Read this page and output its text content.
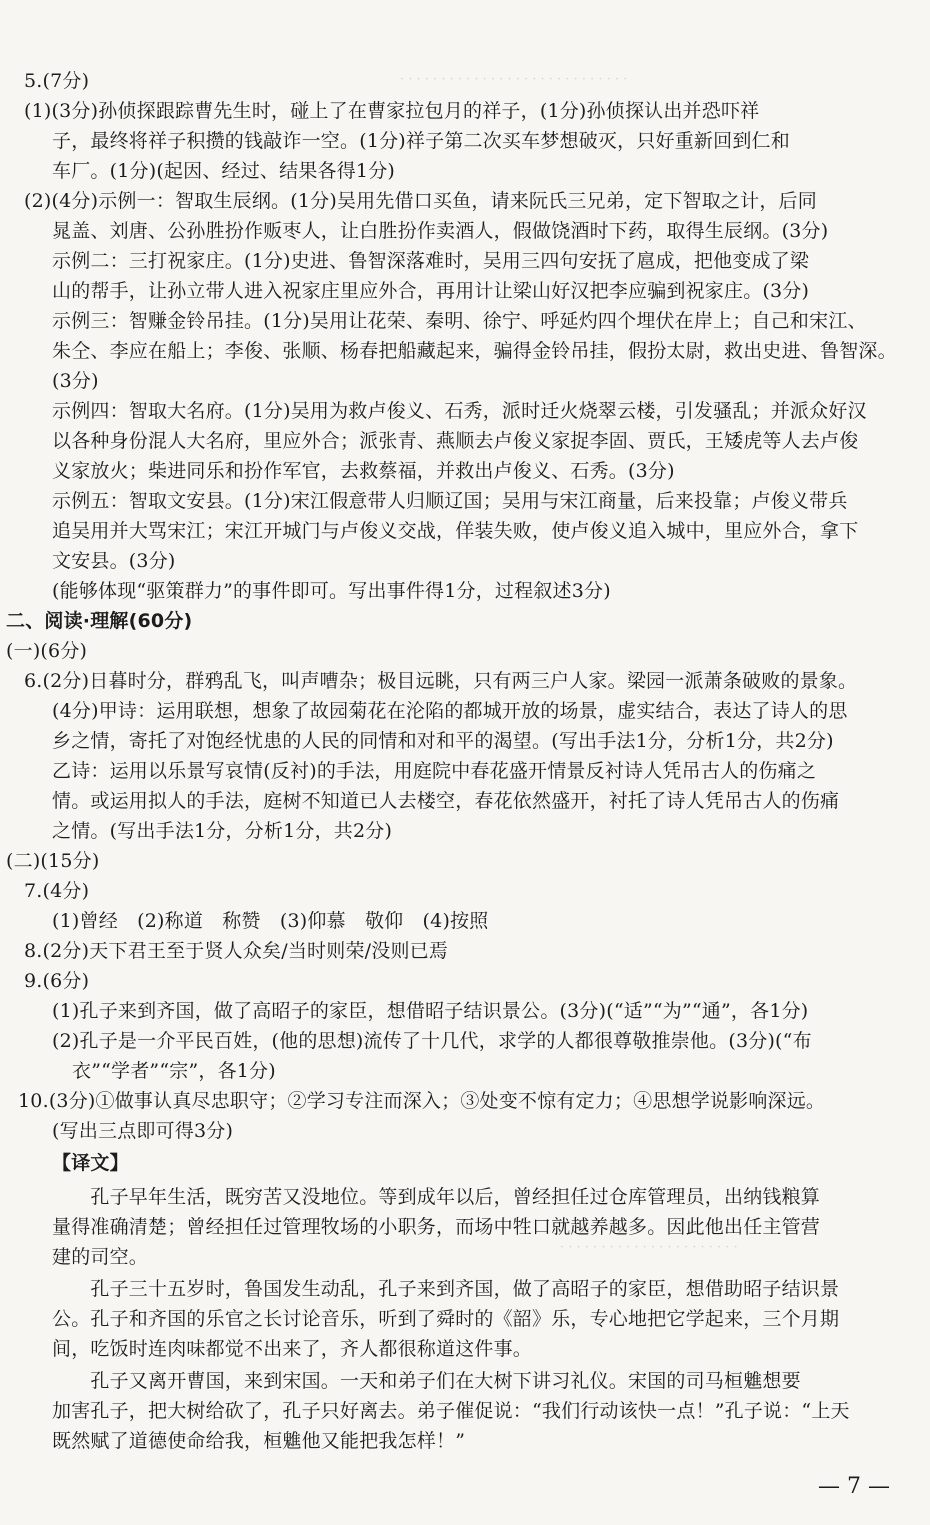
· · · · · · · · · · · · · · · · · · · · · · · · · · · ·
· · · · · · · · · · · · · · · · · · · · · ·
5.(7分)
(1)(3分)孙侦探跟踪曹先生时，碰上了在曹家拉包月的祥子，(1分)孙侦探认出并恐吓祥
子，最终将祥子积攒的钱敲诈一空。(1分)祥子第二次买车梦想破灭，只好重新回到仁和
车厂。(1分)(起因、经过、结果各得1分)
(2)(4分)示例一：智取生辰纲。(1分)吴用先借口买鱼，请来阮氏三兄弟，定下智取之计，后同
晁盖、刘唐、公孙胜扮作贩枣人，让白胜扮作卖酒人，假做饶酒时下药，取得生辰纲。(3分)
示例二：三打祝家庄。(1分)史进、鲁智深落难时，吴用三四句安抚了扈成，把他变成了梁
山的帮手，让孙立带人进入祝家庄里应外合，再用计让梁山好汉把李应骗到祝家庄。(3分)
示例三：智赚金铃吊挂。(1分)吴用让花荣、秦明、徐宁、呼延灼四个埋伏在岸上；自己和宋江、
朱仝、李应在船上；李俊、张顺、杨春把船藏起来，骗得金铃吊挂，假扮太尉，救出史进、鲁智深。
(3分)
示例四：智取大名府。(1分)吴用为救卢俊义、石秀，派时迁火烧翠云楼，引发骚乱；并派众好汉
以各种身份混人大名府，里应外合；派张青、燕顺去卢俊义家捉李固、贾氏，王矮虎等人去卢俊
义家放火；柴进同乐和扮作军官，去救蔡福，并救出卢俊义、石秀。(3分)
示例五：智取文安县。(1分)宋江假意带人归顺辽国；吴用与宋江商量，后来投靠；卢俊义带兵
追吴用并大骂宋江；宋江开城门与卢俊义交战，佯装失败，使卢俊义追入城中，里应外合，拿下
文安县。(3分)
(能够体现“驱策群力”的事件即可。写出事件得1分，过程叙述3分)
二、阅读·理解(60分)
(一)(6分)
6.(2分)日暮时分，群鸦乱飞，叫声嘈杂；极目远眺，只有两三户人家。梁园一派萧条破败的景象。
(4分)甲诗：运用联想，想象了故园菊花在沦陷的都城开放的场景，虚实结合，表达了诗人的思
乡之情，寄托了对饱经忧患的人民的同情和对和平的渴望。(写出手法1分，分析1分，共2分)
乙诗：运用以乐景写哀情(反衬)的手法，用庭院中春花盛开情景反衬诗人凭吊古人的伤痛之
情。或运用拟人的手法，庭树不知道已人去楼空，春花依然盛开，衬托了诗人凭吊古人的伤痛
之情。(写出手法1分，分析1分，共2分)
(二)(15分)
7.(4分)
(1)曾经　(2)称道　称赞　(3)仰慕　敬仰　(4)按照
8.(2分)天下君王至于贤人众矣/当时则荣/没则已焉
9.(6分)
(1)孔子来到齐国，做了高昭子的家臣，想借昭子结识景公。(3分)(“适”“为”“通”，各1分)
(2)孔子是一介平民百姓，(他的思想)流传了十几代，求学的人都很尊敬推崇他。(3分)(“布
衣”“学者”“宗”，各1分)
10.(3分)①做事认真尽忠职守；②学习专注而深入；③处变不惊有定力；④思想学说影响深远。
(写出三点即可得3分)
【译文】
　　孔子早年生活，既穷苦又没地位。等到成年以后，曾经担任过仓库管理员，出纳钱粮算
量得准确清楚；曾经担任过管理牧场的小职务，而场中牲口就越养越多。因此他出任主管营
建的司空。
　　孔子三十五岁时，鲁国发生动乱，孔子来到齐国，做了高昭子的家臣，想借助昭子结识景
公。孔子和齐国的乐官之长讨论音乐，听到了舜时的《韶》乐，专心地把它学起来，三个月期
间，吃饭时连肉味都觉不出来了，齐人都很称道这件事。
　　孔子又离开曹国，来到宋国。一天和弟子们在大树下讲习礼仪。宋国的司马桓魋想要
加害孔子，把大树给砍了，孔子只好离去。弟子催促说：“我们行动该快一点！”孔子说：“上天
既然赋了道德使命给我，桓魋他又能把我怎样！”
— 7 —
